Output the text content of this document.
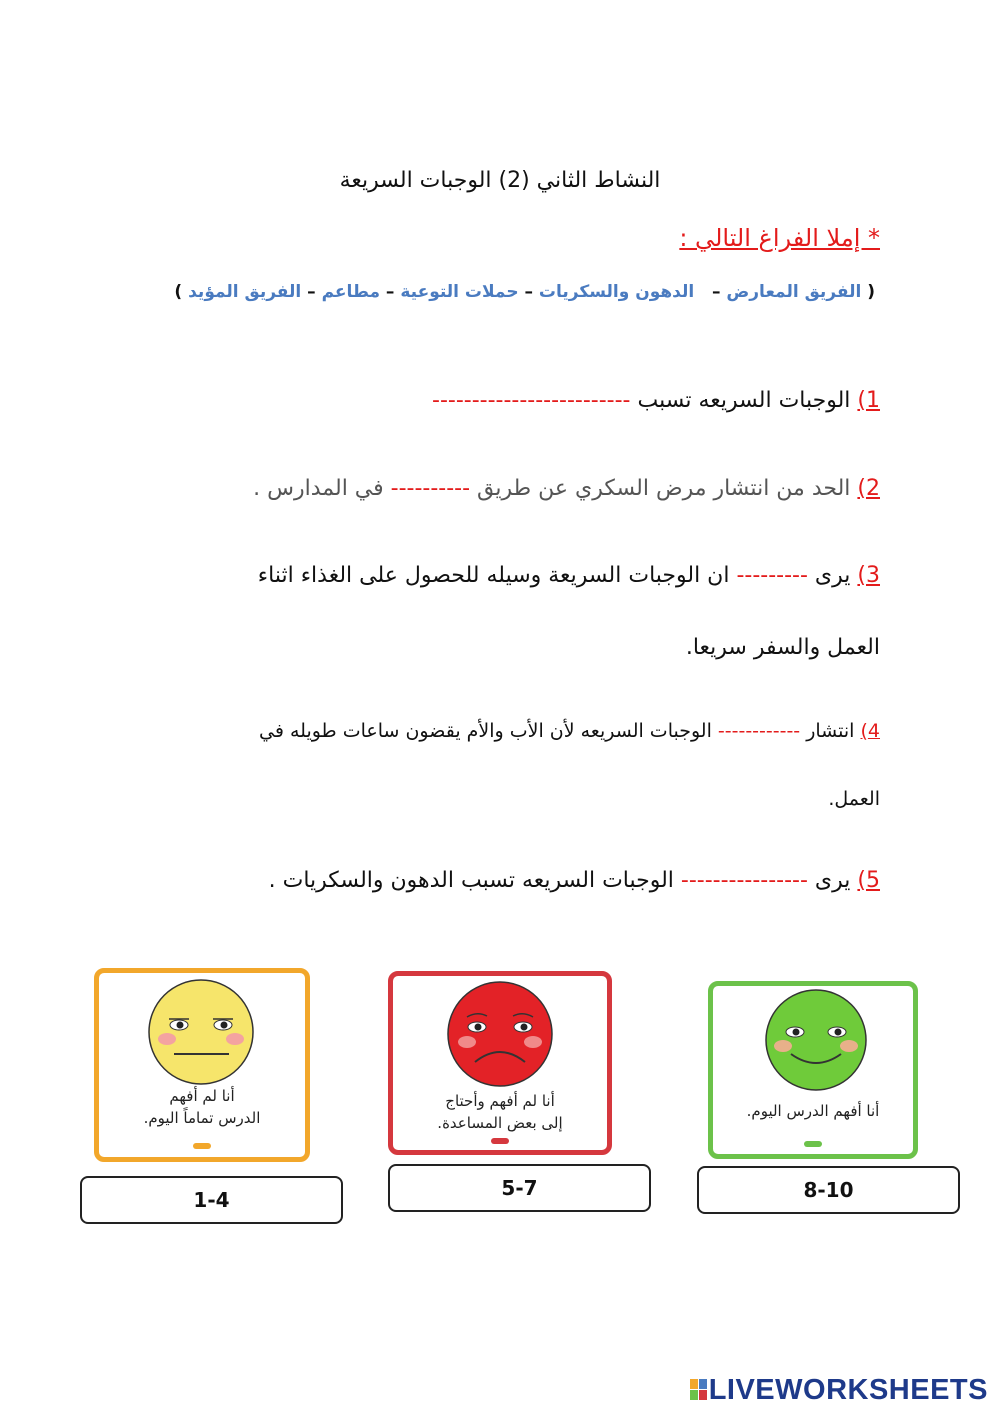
النشاط الثاني (2) الوجبات السريعة
* إملا الفراغ التالي :
( الفريق المعارض –   الدهون والسكريات – حملات التوعية – مطاعم – الفريق المؤيد )
1) الوجبات السريعه تسبب -------------------------
2) الحد من انتشار مرض السكري عن طريق ---------- في المدارس .
3) يرى --------- ان الوجبات السريعة وسيله للحصول على الغذاء اثناء
العمل والسفر سريعا.
4) انتشار ------------ الوجبات السريعه لأن الأب والأم يقضون ساعات طويله في
العمل.
5) يرى ---------------- الوجبات السريعه تسبب الدهون والسكريات .
أنا لم أفهم
الدرس تماماً اليوم.
أنا لم أفهم وأحتاج
إلى بعض المساعدة.
أنا أفهم الدرس اليوم.
1-4	5-7	8-10
LIVEWORKSHEETS
